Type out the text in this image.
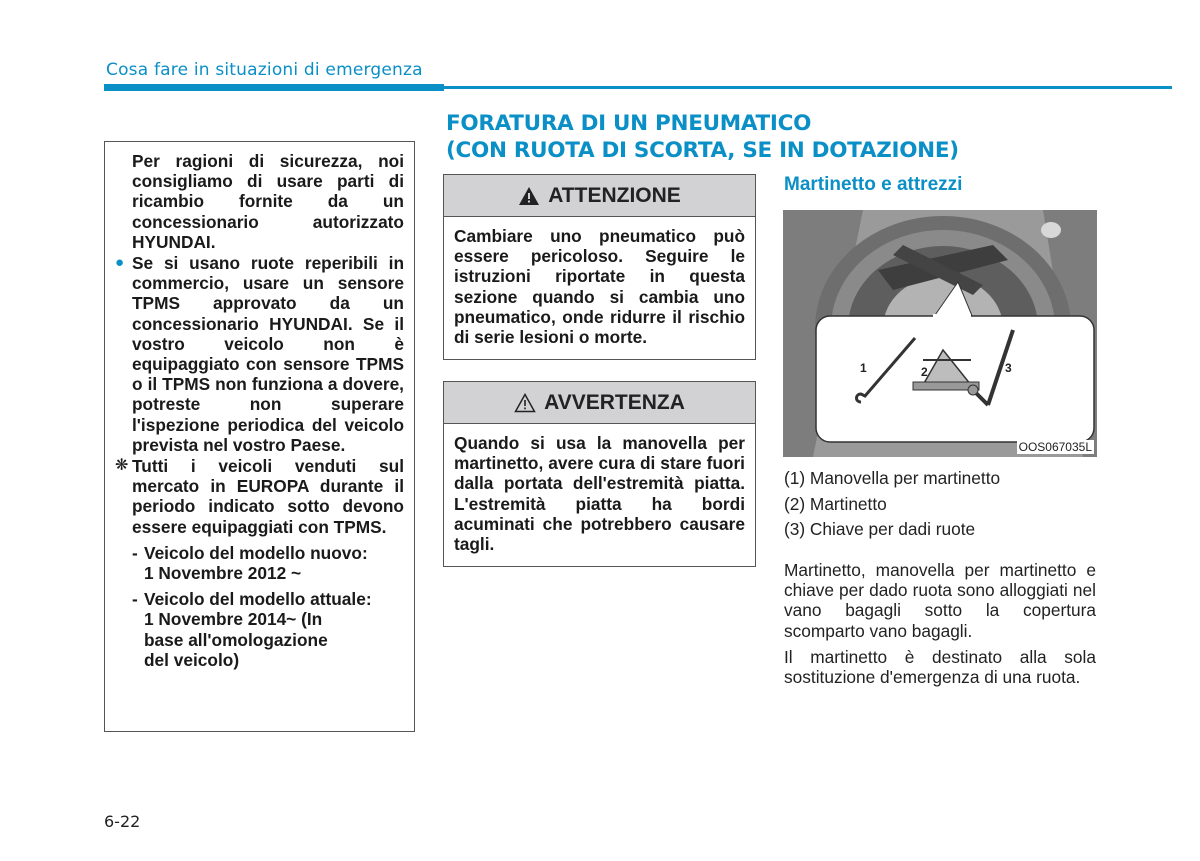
Cosa fare in situazioni di emergenza

Per ragioni di sicurezza, noi consigliamo di usare parti di ricambio fornite da un concessionario autorizzato HYUNDAI.

● Se si usano ruote reperibili in commercio, usare un sensore TPMS approvato da un concessionario HYUNDAI. Se il vostro veicolo non è equipaggiato con sensore TPMS o il TPMS non funziona a dovere, potreste non superare l'ispezione periodica del veicolo prevista nel vostro Paese.
❋ Tutti i veicoli venduti sul mercato in EUROPA durante il periodo indicato sotto devono essere equipaggiati con TPMS.
- Veicolo del modello nuovo:
1 Novembre 2012 ~
- Veicolo del modello attuale:
1 Novembre 2014~ (In base all'omologazione del veicolo)
FORATURA DI UN PNEUMATICO
(CON RUOTA DI SCORTA, SE IN DOTAZIONE)
ATTENZIONE
Cambiare uno pneumatico può essere pericoloso. Seguire le istruzioni riportate in questa sezione quando si cambia uno pneumatico, onde ridurre il rischio di serie lesioni o morte.
AVVERTENZA
Quando si usa la manovella per martinetto, avere cura di stare fuori dalla portata dell'estremità piatta. L'estremità piatta ha bordi acuminati che potrebbero causare tagli.
Martinetto e attrezzi
1	2	3
OOS067035L
(1) Manovella per martinetto
(2) Martinetto
(3) Chiave per dadi ruote

Martinetto, manovella per martinetto e chiave per dado ruota sono alloggiati nel vano bagagli sotto la copertura scomparto vano bagagli.

Il martinetto è destinato alla sola sostituzione d'emergenza di una ruota.

6-22
